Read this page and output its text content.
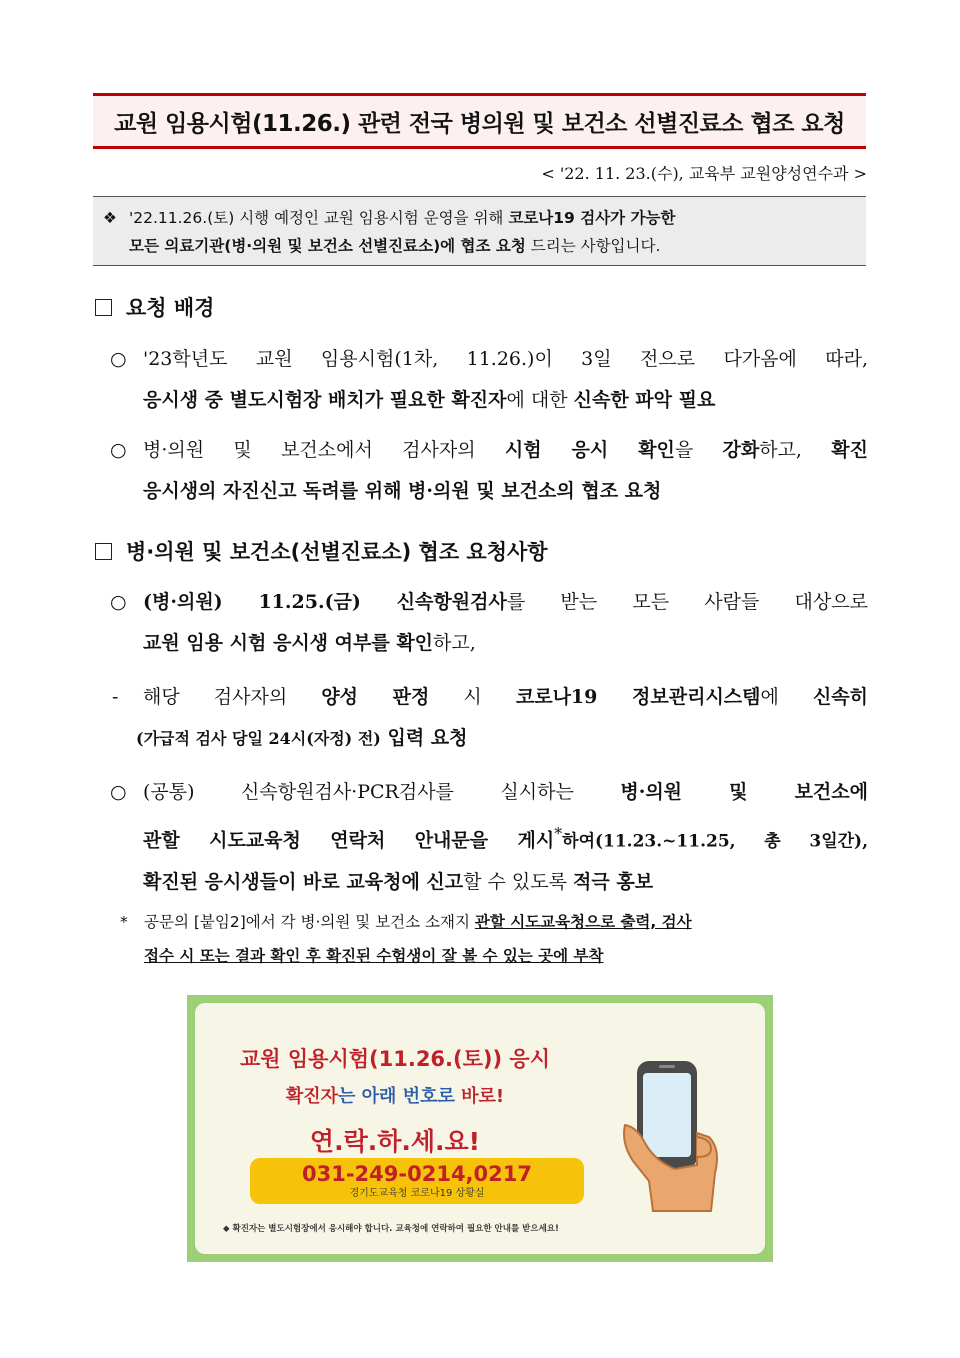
교원 임용시험(11.26.) 관련 전국 병의원 및 보건소 선별진료소 협조 요청
< '22. 11. 23.(수), 교육부 교원양성연수과 >
❖ '22.11.26.(토) 시행 예정인 교원 임용시험 운영을 위해 코로나19 검사가 가능한
모든 의료기관(병·의원 및 보건소 선별진료소)에 협조 요청 드리는 사항입니다.
요청 배경
○ '23학년도 교원 임용시험(1차, 11.26.)이 3일 전으로 다가옴에 따라,
응시생 중 별도시험장 배치가 필요한 확진자에 대한 신속한 파악 필요
○ 병·의원 및 보건소에서 검사자의 시험 응시 확인을 강화하고, 확진
응시생의 자진신고 독려를 위해 병·의원 및 보건소의 협조 요청
병·의원 및 보건소(선별진료소) 협조 요청사항
○ (병·의원) 11.25.(금) 신속항원검사를 받는 모든 사람들 대상으로
교원 임용 시험 응시생 여부를 확인하고,
- 해당 검사자의 양성 판정 시 코로나19 정보관리시스템에 신속히
(가급적 검사 당일 24시(자정) 전) 입력 요청
○ (공통) 신속항원검사·PCR검사를 실시하는 병·의원 및 보건소에
관할 시도교육청 연락처 안내문을 게시*하여(11.23.~11.25, 총 3일간),
확진된 응시생들이 바로 교육청에 신고할 수 있도록 적극 홍보
* 공문의 [붙임2]에서 각 병·의원 및 보건소 소재지 관할 시도교육청으로 출력, 검사
접수 시 또는 결과 확인 후 확진된 수험생이 잘 볼 수 있는 곳에 부착
교원 임용시험(11.26.(토)) 응시
확진자는 아래 번호로 바로!
연.락.하.세.요!
031-249-0214,0217
경기도교육청 코로나19 상황실
◆ 확진자는 별도시험장에서 응시해야 합니다. 교육청에 연락하여 필요한 안내를 받으세요!
